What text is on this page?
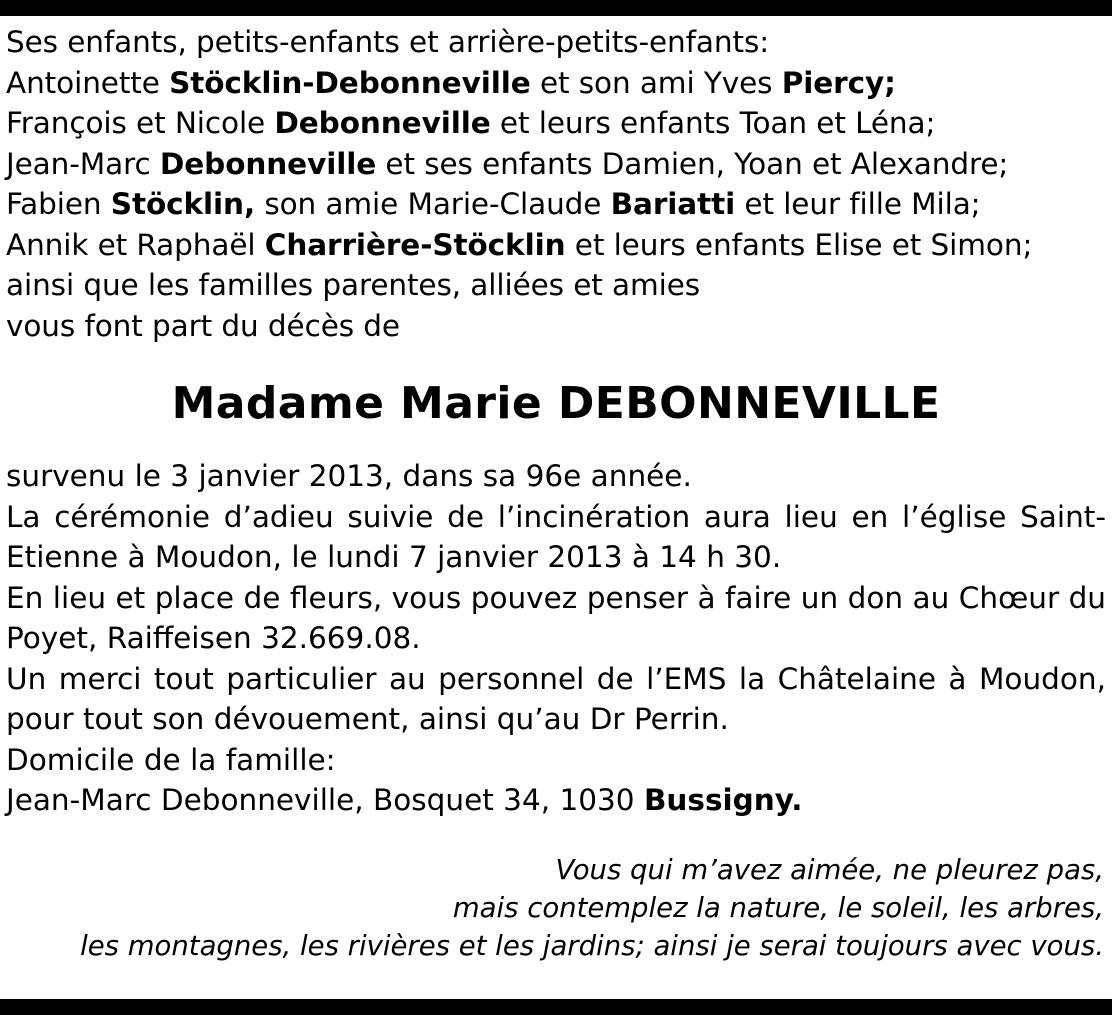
Ses enfants, petits-enfants et arrière-petits-enfants:
Antoinette Stöcklin-Debonneville et son ami Yves Piercy;
François et Nicole Debonneville et leurs enfants Toan et Léna;
Jean-Marc Debonneville et ses enfants Damien, Yoan et Alexandre;
Fabien Stöcklin, son amie Marie-Claude Bariatti et leur fille Mila;
Annik et Raphaël Charrière-Stöcklin et leurs enfants Elise et Simon;
ainsi que les familles parentes, alliées et amies
vous font part du décès de
Madame Marie DEBONNEVILLE
survenu le 3 janvier 2013, dans sa 96e année.
La cérémonie d’adieu suivie de l’incinération aura lieu en l’église Saint-Etienne à Moudon, le lundi 7 janvier 2013 à 14 h 30.
En lieu et place de fleurs, vous pouvez penser à faire un don au Chœur du Poyet, Raiffeisen 32.669.08.
Un merci tout particulier au personnel de l’EMS la Châtelaine à Moudon, pour tout son dévouement, ainsi qu’au Dr Perrin.
Domicile de la famille:
Jean-Marc Debonneville, Bosquet 34, 1030 Bussigny.
Vous qui m’avez aimée, ne pleurez pas,
mais contemplez la nature, le soleil, les arbres,
les montagnes, les rivières et les jardins; ainsi je serai toujours avec vous.
